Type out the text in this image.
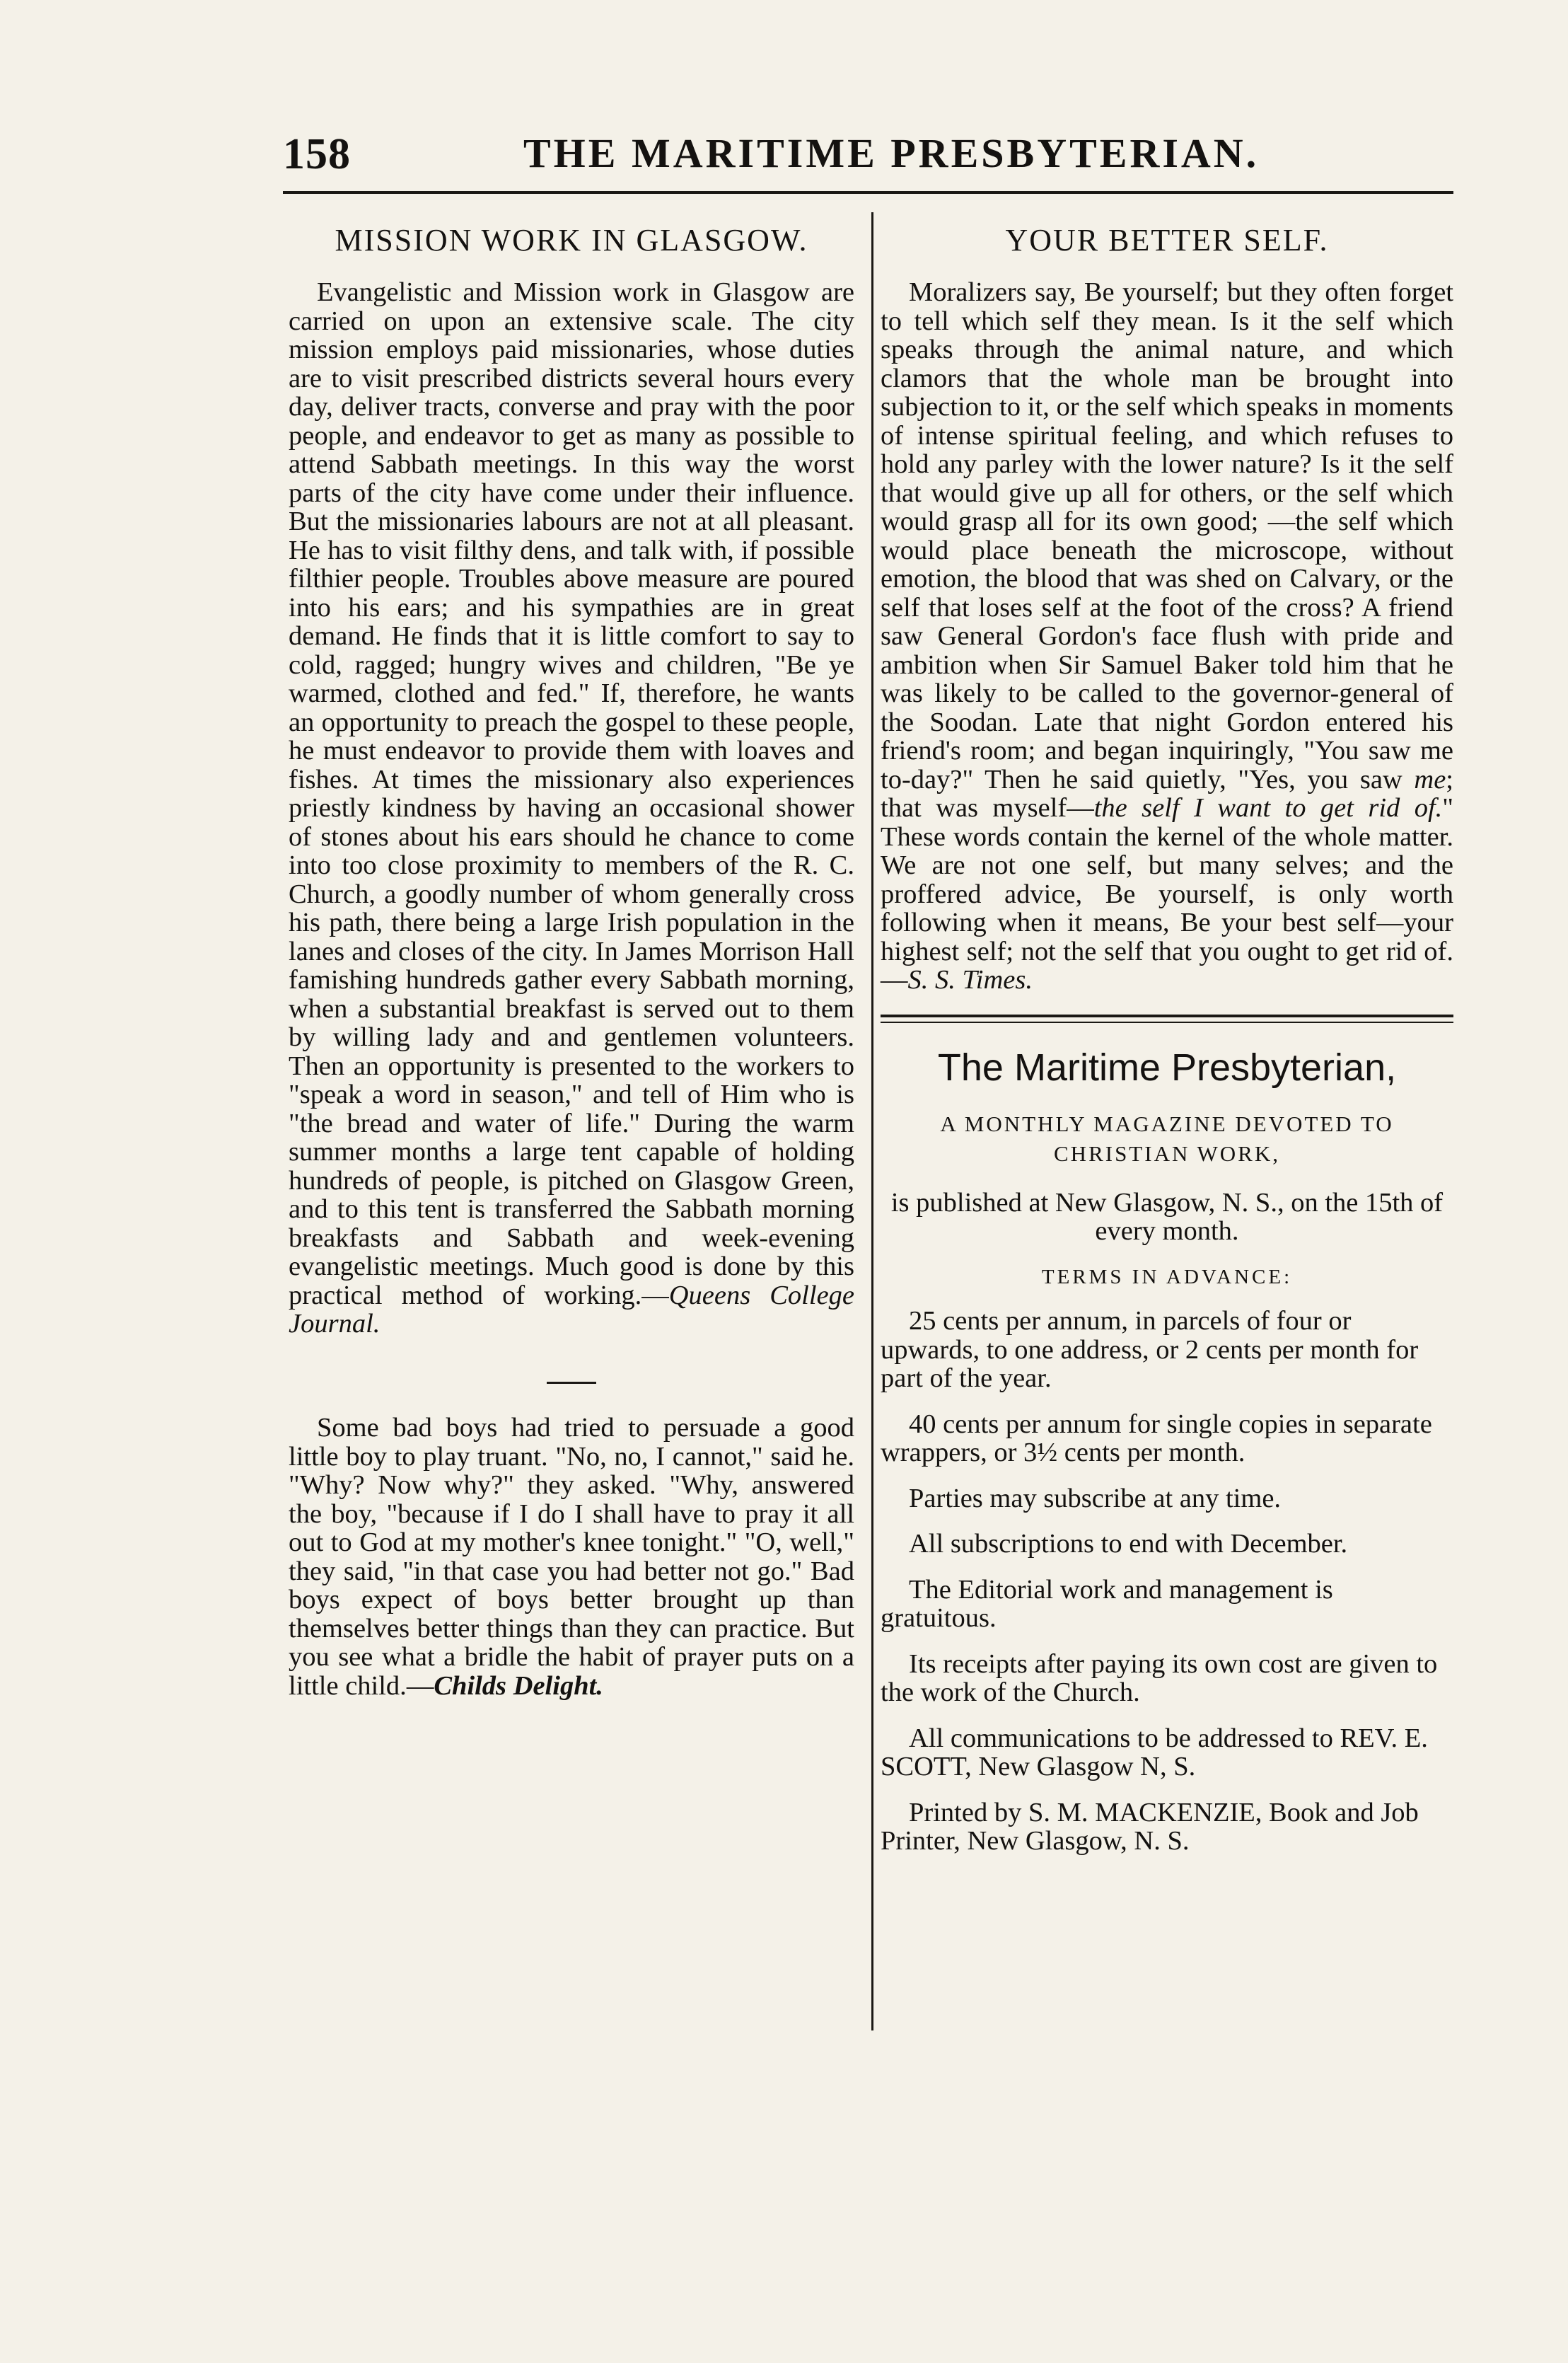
158	THE MARITIME PRESBYTERIAN.
MISSION WORK IN GLASGOW.

Evangelistic and Mission work in Glasgow are carried on upon an extensive scale. The city mission employs paid missionaries, whose duties are to visit prescribed districts several hours every day, deliver tracts, converse and pray with the poor people, and endeavor to get as many as possible to attend Sabbath meetings. In this way the worst parts of the city have come under their influence. But the missionaries labours are not at all pleasant. He has to visit filthy dens, and talk with, if possible filthier people. Troubles above measure are poured into his ears; and his sympathies are in great demand. He finds that it is little comfort to say to cold, ragged; hungry wives and children, "Be ye warmed, clothed and fed." If, therefore, he wants an opportunity to preach the gospel to these people, he must endeavor to provide them with loaves and fishes. At times the missionary also experiences priestly kindness by having an occasional shower of stones about his ears should he chance to come into too close proximity to members of the R. C. Church, a goodly number of whom generally cross his path, there being a large Irish population in the lanes and closes of the city. In James Morrison Hall famishing hundreds gather every Sabbath morning, when a substantial breakfast is served out to them by willing lady and and gentlemen volunteers. Then an opportunity is presented to the workers to "speak a word in season," and tell of Him who is "the bread and water of life." During the warm summer months a large tent capable of holding hundreds of people, is pitched on Glasgow Green, and to this tent is transferred the Sabbath morning breakfasts and Sabbath and week-evening evangelistic meetings. Much good is done by this practical method of working.—Queens College Journal.

Some bad boys had tried to persuade a good little boy to play truant. "No, no, I cannot," said he. "Why? Now why?" they asked. "Why, answered the boy, "because if I do I shall have to pray it all out to God at my mother's knee tonight." "O, well," they said, "in that case you had better not go." Bad boys expect of boys better brought up than themselves better things than they can practice. But you see what a bridle the habit of prayer puts on a little child.—Childs Delight.

YOUR BETTER SELF.

Moralizers say, Be yourself; but they often forget to tell which self they mean. Is it the self which speaks through the animal nature, and which clamors that the whole man be brought into subjection to it, or the self which speaks in moments of intense spiritual feeling, and which refuses to hold any parley with the lower nature? Is it the self that would give up all for others, or the self which would grasp all for its own good; —the self which would place beneath the microscope, without emotion, the blood that was shed on Calvary, or the self that loses self at the foot of the cross? A friend saw General Gordon's face flush with pride and ambition when Sir Samuel Baker told him that he was likely to be called to the governor-general of the Soodan. Late that night Gordon entered his friend's room; and began inquiringly, "You saw me to-day?" Then he said quietly, "Yes, you saw me; that was myself—the self I want to get rid of." These words contain the kernel of the whole matter. We are not one self, but many selves; and the proffered advice, Be yourself, is only worth following when it means, Be your best self—your highest self; not the self that you ought to get rid of.—S. S. Times.

The Maritime Presbyterian,
A MONTHLY MAGAZINE DEVOTED TO CHRISTIAN WORK,

is published at New Glasgow, N. S., on the 15th of every month.

TERMS IN ADVANCE:

25 cents per annum, in parcels of four or upwards, to one address, or 2 cents per month for part of the year.

40 cents per annum for single copies in separate wrappers, or 3½ cents per month.

Parties may subscribe at any time.

All subscriptions to end with December.

The Editorial work and management is gratuitous.

Its receipts after paying its own cost are given to the work of the Church.

All communications to be addressed to REV. E. SCOTT, New Glasgow N, S.

Printed by S. M. MACKENZIE, Book and Job Printer, New Glasgow, N. S.
